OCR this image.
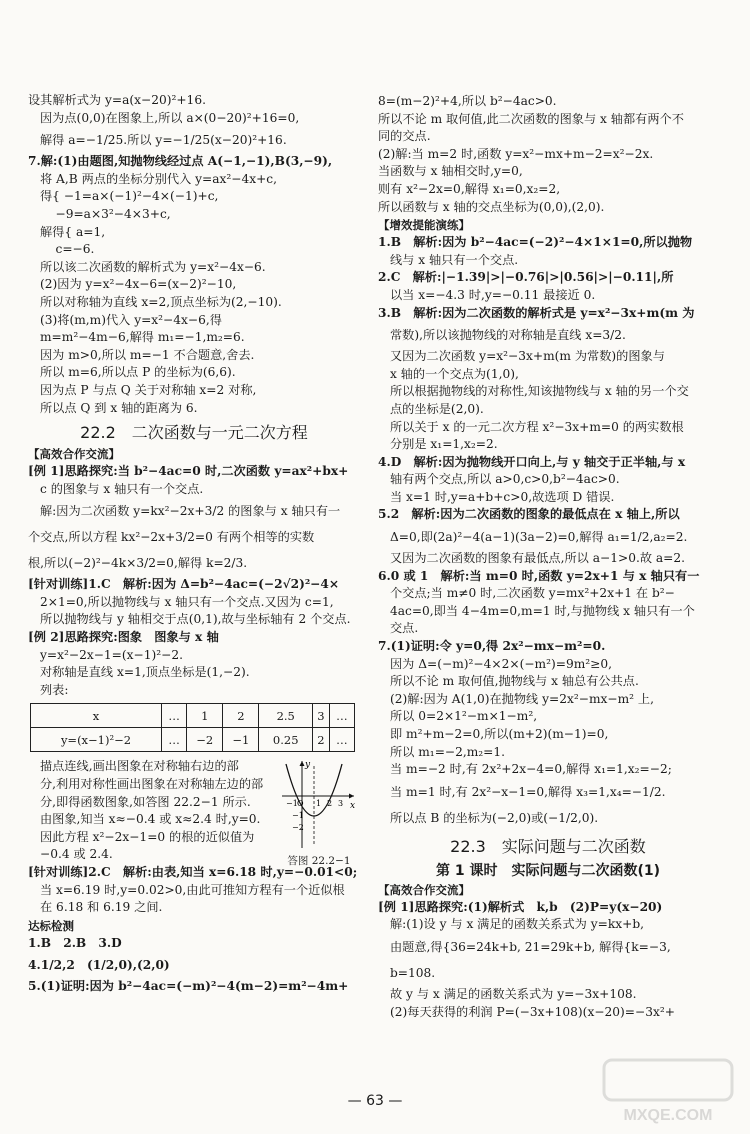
设其解析式为 y=a(x−20)²+16.

因为点(0,0)在图象上,所以 a×(0−20)²+16=0,

解得 a=−1/25.所以 y=−1/25(x−20)²+16.

7.解:(1)由题图,知抛物线经过点 A(−1,−1),B(3,−9),

将 A,B 两点的坐标分别代入 y=ax²−4x+c,

得{ −1=a×(−1)²−4×(−1)+c,

−9=a×3²−4×3+c,

解得{ a=1,

c=−6.

所以该二次函数的解析式为 y=x²−4x−6.

(2)因为 y=x²−4x−6=(x−2)²−10,

所以对称轴为直线 x=2,顶点坐标为(2,−10).

(3)将(m,m)代入 y=x²−4x−6,得

m=m²−4m−6,解得 m₁=−1,m₂=6.

因为 m>0,所以 m=−1 不合题意,舍去.

所以 m=6,所以点 P 的坐标为(6,6).

因为点 P 与点 Q 关于对称轴 x=2 对称,

所以点 Q 到 x 轴的距离为 6.

22.2　二次函数与一元二次方程
【高效合作交流】

[例 1]思路探究:当 b²−4ac=0 时,二次函数 y=ax²+bx+

c 的图象与 x 轴只有一个交点.

解:因为二次函数 y=kx²−2x+3/2 的图象与 x 轴只有一

个交点,所以方程 kx²−2x+3/2=0 有两个相等的实数

根,所以(−2)²−4k×3/2=0,解得 k=2/3.

[针对训练]1.C　解析:因为 Δ=b²−4ac=(−2√2)²−4×

2×1=0,所以抛物线与 x 轴只有一个交点.又因为 c=1,

所以抛物线与 y 轴相交于点(0,1),故与坐标轴有 2 个交点.

[例 2]思路探究:图象　图象与 x 轴

y=x²−2x−1=(x−1)²−2.

对称轴是直线 x=1,顶点坐标是(1,−2).

列表:

x	…	1	2	2.5	3	…
y=(x−1)²−2	…	−2	−1	0.25	2	…

描点连线,画出图象在对称轴右边的部

分,利用对称性画出图象在对称轴左边的部

分,即得函数图象,如答图 22.2−1 所示.

由图象,知当 x≈−0.4 或 x≈2.4 时,y=0.

因此方程 x²−2x−1=0 的根的近似值为

−0.4 或 2.4.

x
y
−1 1 2 3
−1
−2
O
答图 22.2−1

[针对训练]2.C　解析:由表,知当 x=6.18 时,y=−0.01<0;

当 x=6.19 时,y=0.02>0,由此可推知方程有一个近似根

在 6.18 和 6.19 之间.

达标检测

1.B　2.B　3.D

4.1/2,2　(1/2,0),(2,0)

5.(1)证明:因为 b²−4ac=(−m)²−4(m−2)=m²−4m+

8=(m−2)²+4,所以 b²−4ac>0.

所以不论 m 取何值,此二次函数的图象与 x 轴都有两个不

同的交点.

(2)解:当 m=2 时,函数 y=x²−mx+m−2=x²−2x.

当函数与 x 轴相交时,y=0,

则有 x²−2x=0,解得 x₁=0,x₂=2,

所以函数与 x 轴的交点坐标为(0,0),(2,0).

【增效提能演练】

1.B　解析:因为 b²−4ac=(−2)²−4×1×1=0,所以抛物

线与 x 轴只有一个交点.

2.C　解析:|−1.39|>|−0.76|>|0.56|>|−0.11|,所

以当 x=−4.3 时,y=−0.11 最接近 0.

3.B　解析:因为二次函数的解析式是 y=x²−3x+m(m 为

常数),所以该抛物线的对称轴是直线 x=3/2.

又因为二次函数 y=x²−3x+m(m 为常数)的图象与

x 轴的一个交点为(1,0),

所以根据抛物线的对称性,知该抛物线与 x 轴的另一个交

点的坐标是(2,0).

所以关于 x 的一元二次方程 x²−3x+m=0 的两实数根

分别是 x₁=1,x₂=2.

4.D　解析:因为抛物线开口向上,与 y 轴交于正半轴,与 x

轴有两个交点,所以 a>0,c>0,b²−4ac>0.

当 x=1 时,y=a+b+c>0,故选项 D 错误.

5.2　解析:因为二次函数的图象的最低点在 x 轴上,所以

Δ=0,即(2a)²−4(a−1)(3a−2)=0,解得 a₁=1/2,a₂=2.

又因为二次函数的图象有最低点,所以 a−1>0.故 a=2.

6.0 或 1　解析:当 m=0 时,函数 y=2x+1 与 x 轴只有一

个交点;当 m≠0 时,二次函数 y=mx²+2x+1 在 b²−

4ac=0,即当 4−4m=0,m=1 时,与抛物线 x 轴只有一个

交点.

7.(1)证明:令 y=0,得 2x²−mx−m²=0.

因为 Δ=(−m)²−4×2×(−m²)=9m²≥0,

所以不论 m 取何值,抛物线与 x 轴总有公共点.

(2)解:因为 A(1,0)在抛物线 y=2x²−mx−m² 上,

所以 0=2×1²−m×1−m²,

即 m²+m−2=0,所以(m+2)(m−1)=0,

所以 m₁=−2,m₂=1.

当 m=−2 时,有 2x²+2x−4=0,解得 x₁=1,x₂=−2;

当 m=1 时,有 2x²−x−1=0,解得 x₃=1,x₄=−1/2.

所以点 B 的坐标为(−2,0)或(−1/2,0).

22.3　实际问题与二次函数
第 1 课时　实际问题与二次函数(1)
【高效合作交流】

[例 1]思路探究:(1)解析式　k,b　(2)P=y(x−20)

解:(1)设 y 与 x 满足的函数关系式为 y=kx+b,

由题意,得{36=24k+b, 21=29k+b, 解得{k=−3, b=108.

故 y 与 x 满足的函数关系式为 y=−3x+108.

(2)每天获得的利润 P=(−3x+108)(x−20)=−3x²+

— 63 —
MXQE.COM
